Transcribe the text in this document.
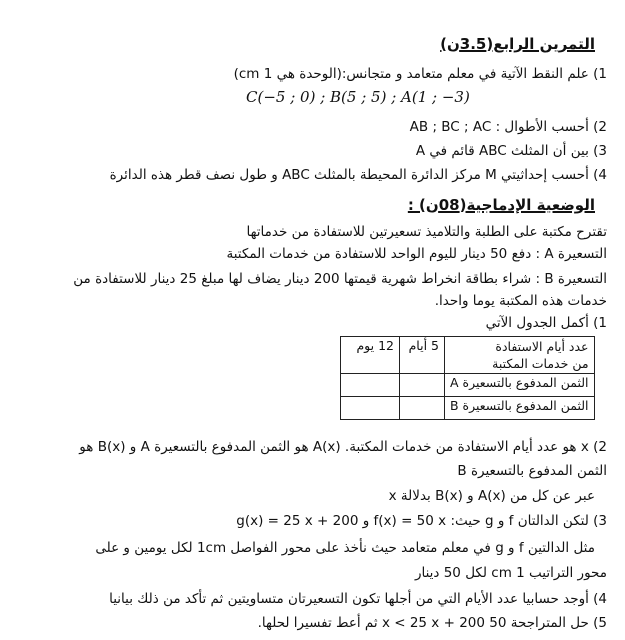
التمرين الرابع(3.5ن)
1) علم النقط الآتية في معلم متعامد و متجانس:(الوحدة هي 1 cm)
C(−5 ; 0) ; B(5 ; 5) ; A(1 ; −3)
2) أحسب الأطوال : AB ; BC ; AC
3) بين أن المثلث ABC قائم في A
4) أحسب إحداثيتي M مركز الدائرة المحيطة بالمثلث ABC و طول نصف قطر هذه الدائرة
الوضعية الإدماجية(08ن) :
تقترح مكتبة على الطلبة والتلاميذ تسعيرتين للاستفادة من خدماتها
التسعيرة A : دفع 50 دينار لليوم الواحد للاستفادة من خدمات المكتبة
التسعيرة B : شراء بطاقة انخراط شهرية قيمتها 200 دينار يضاف لها مبلغ 25 دينار للاستفادة من
خدمات هذه المكتبة يوما واحدا.
1) أكمل الجدول الآتي
عدد أيام الاستفادة
من خدمات المكتبة	5 أيام	12 يوم
الثمن المدفوع بالتسعيرة A		
الثمن المدفوع بالتسعيرة B		
2) x هو عدد أيام الاستفادة من خدمات المكتبة. A(x) هو الثمن المدفوع بالتسعيرة A و B(x) هو
الثمن المدفوع بالتسعيرة B
عبر عن كل من A(x) و B(x) بدلالة x
3) لتكن الدالتان f و g حيث: f(x) = 50 x و g(x) = 25 x + 200
مثل الدالتين f و g في معلم متعامد حيث نأخذ على محور الفواصل 1cm لكل يومين و على
محور التراتيب 1 cm لكل 50 دينار
4) أوجد حسابيا عدد الأيام التي من أجلها تكون التسعيرتان متساويتين ثم تأكد من ذلك بيانيا
5) حل المتراجحة 50 x < 25 x + 200 ثم أعط تفسيرا لحلها.
